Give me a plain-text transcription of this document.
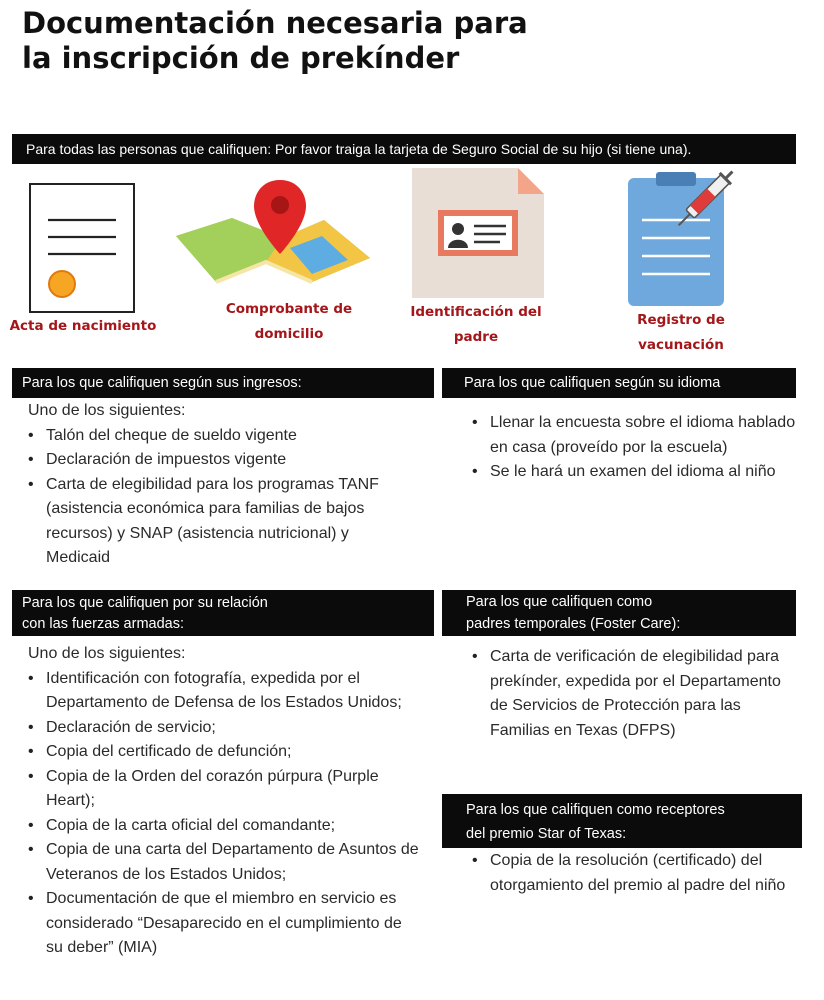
Documentación necesaria para la inscripción de prekínder
Para todas las personas que califiquen: Por favor traiga la tarjeta de Seguro Social de su hijo (si tiene una).
Acta de nacimiento
Comprobante de domicilio
Identificación del padre
Registro de vacunación
Para los que califiquen según sus ingresos:

Uno de los siguientes:

• Talón del cheque de sueldo vigente
• Declaración de impuestos vigente
• Carta de elegibilidad para los programas TANF (asistencia económica para familias de bajos recursos) y SNAP (asistencia nutricional) y Medicaid
Para los que califiquen según su idioma
• Llenar la encuesta sobre el idioma hablado en casa (proveído por la escuela)
• Se le hará un examen del idioma al niño
Para los que califiquen por su relación
con las fuerzas armadas:

Uno de los siguientes:

• Identificación con fotografía, expedida por el Departamento de Defensa de los Estados Unidos;
• Declaración de servicio;
• Copia del certificado de defunción;
• Copia de la Orden del corazón púrpura (Purple Heart);
• Copia de la carta oficial del comandante;
• Copia de una carta del Departamento de Asuntos de Veteranos de los Estados Unidos;
• Documentación de que el miembro en servicio es considerado “Desaparecido en el cumplimiento de su deber” (MIA)
Para los que califiquen como
padres temporales (Foster Care):
• Carta de verificación de elegibilidad para prekínder, expedida por el Departamento de Servicios de Protección para las Familias en Texas (DFPS)
Para los que califiquen como receptores
del premio Star of Texas:
• Copia de la resolución (certificado) del otorgamiento del premio al padre del niño
